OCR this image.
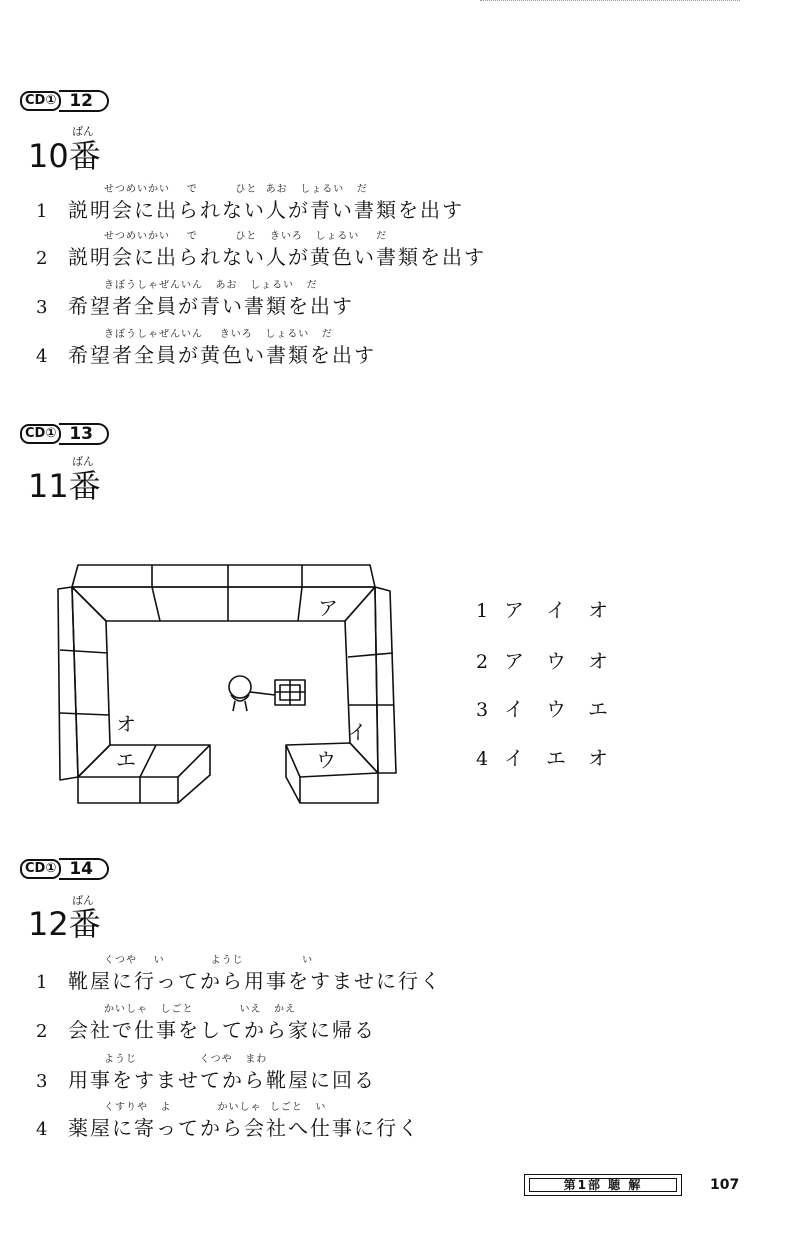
CD① 12
ばん
10番
せつめいかい    で         ひと  あお   しょるい   だ
1 説明会に出られない人が青い書類を出す
せつめいかい    で         ひと   きいろ   しょるい    だ
2 説明会に出られない人が黄色い書類を出す
きぼうしゃぜんいん   あお   しょるい   だ
3 希望者全員が青い書類を出す
きぼうしゃぜんいん    きいろ   しょるい   だ
4 希望者全員が黄色い書類を出す
CD① 13
ばん
11番
ア
イ
ウ
エ
オ
1 ア イ オ
2 ア ウ オ
3 イ ウ エ
4 イ エ オ
CD① 14
ばん
12番
くつや    い           ようじ              い
1 靴屋に行ってから用事をすませに行く
かいしゃ   しごと           いえ   かえ
2 会社で仕事をしてから家に帰る
ようじ               くつや   まわ
3 用事をすませてから靴屋に回る
くすりや   よ           かいしゃ  しごと   い
4 薬屋に寄ってから会社へ仕事に行く
第1部 聴 解	107
